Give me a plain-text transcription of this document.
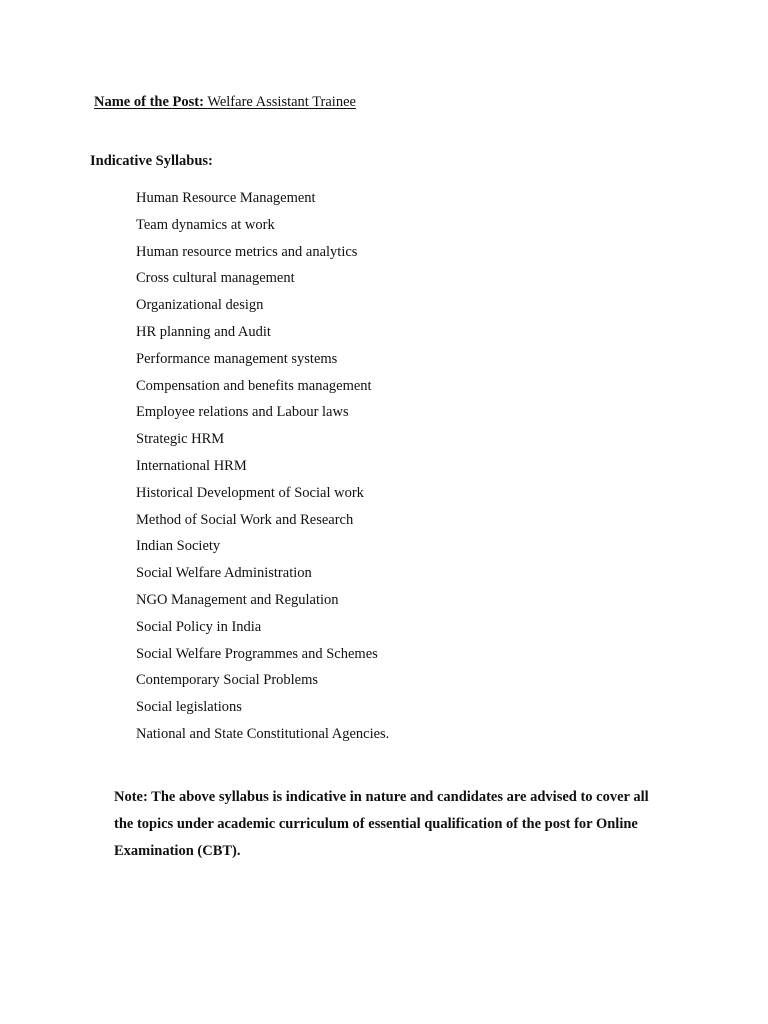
Name of the Post: Welfare Assistant Trainee
Indicative Syllabus:
Human Resource Management
Team dynamics at work
Human resource metrics and analytics
Cross cultural management
Organizational design
HR planning and Audit
Performance management systems
Compensation and benefits management
Employee relations and Labour laws
Strategic HRM
International HRM
Historical Development of Social work
Method of Social Work and Research
Indian Society
Social Welfare Administration
NGO Management and Regulation
Social Policy in India
Social Welfare Programmes and Schemes
Contemporary Social Problems
Social legislations
National and State Constitutional Agencies.
Note: The above syllabus is indicative in nature and candidates are advised to cover all
the topics under academic curriculum of essential qualification of the post for Online
Examination (CBT).
